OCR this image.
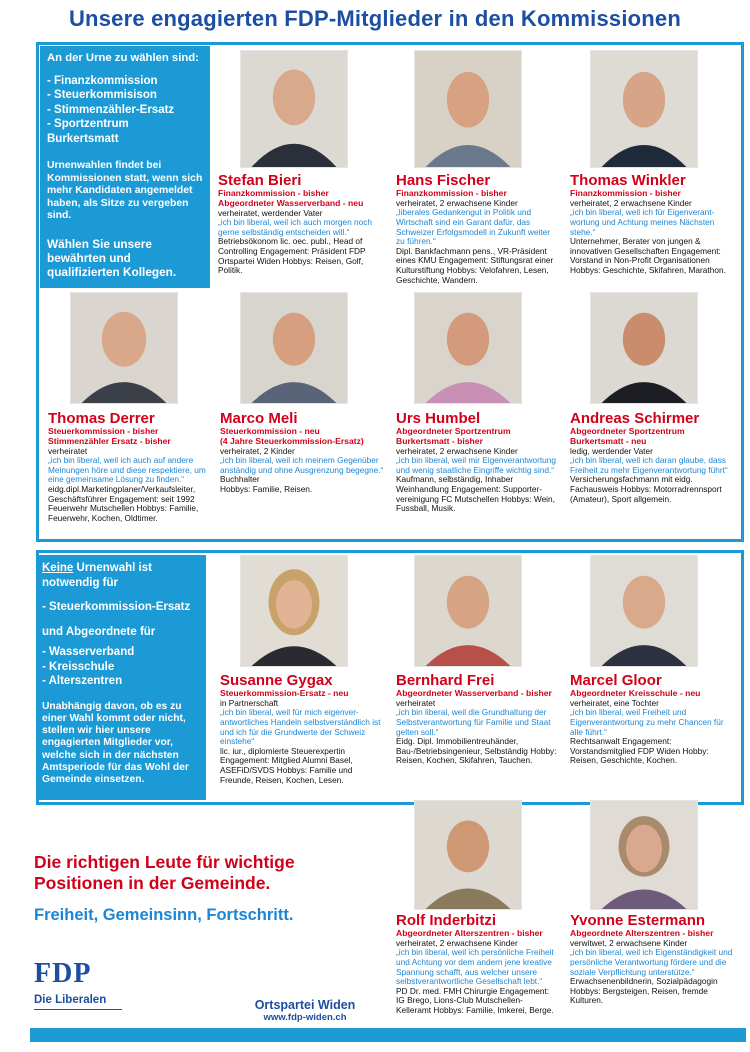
Unsere engagierten FDP-Mitglieder in den Kommissionen

An der Urne zu wählen sind:

- Finanzkommission

- Steuerkommisison

- Stimmenzähler-Ersatz

- Sportzentrum Burkertsmatt

Urnenwahlen findet bei Kommissionen statt, wenn sich mehr Kandidaten angemeldet haben, als Sitze zu vergeben sind.

Wählen Sie unsere bewährten und qualifizierten Kollegen.

Keine Urnenwahl ist notwendig für

- Steuerkommission-Ersatz

und Abgeordnete für

- Wasserverband

- Kreisschule

- Alterszentren

Unabhängig davon, ob es zu einer Wahl kommt oder nicht, stellen wir hier unsere engagierten Mitglieder vor, welche sich in der nächsten Amtsperiode für das Wohl der Gemeinde einsetzen.

Stefan Bieri
Finanzkommission - bisher
Abgeordneter Wasserverband - neu
verheiratet, werdender Vater
„ich bin liberal, weil ich auch morgen noch gerne selbständig entscheiden will.“
Betriebsökonom lic. oec. publ., Head of Controlling Engagement: Präsident FDP Ortspartei Widen Hobbys: Reisen, Golf, Politik.
Hans Fischer
Finanzkommission - bisher
verheiratet, 2 erwachsene Kinder
„liberales Gedankengut in Politik und Wirtschaft sind ein Garant dafür, das Schweizer Erfolgsmodell in Zukunft weiter zu führen.“
Dipl. Bankfachmann pens., VR-Präsident eines KMU Engagement: Stiftungsrat einer Kulturstiftung Hobbys: Velofahren, Lesen, Geschichte, Wandern.
Thomas Winkler
Finanzkommission - bisher
verheiratet, 2 erwachsene Kinder
„ich bin liberal, weil ich für Eigenverant- wortung und Achtung meines Nächsten stehe.“
Unternehmer, Berater von jungen & innovativen Gesellschaften Engagement: Vorstand in Non-Profit Organisationen Hobbys: Geschichte, Skifahren, Marathon.
Thomas Derrer
Steuerkommission - bisher
Stimmenzähler Ersatz - bisher
verheiratet
„ich bin liberal, weil ich auch auf andere Meinungen höre und diese respektiere, um eine gemeinsame Lösung zu finden.“
eidg.dipl.Marketingplaner/Verkaufsleiter, Geschäftsführer Engagement: seit 1992 Feuerwehr Mutschellen Hobbys: Familie, Feuerwehr, Kochen, Oldtimer.
Marco Meli
Steuerkommission - neu
(4 Jahre Steuerkommission-Ersatz)
verheiratet, 2 Kinder
„ich bin liberal, weil ich meinem Gegenüber anständig und ohne Ausgrenzung begegne.“
Buchhalter
Hobbys: Familie, Reisen.
Urs Humbel
Abgeordneter Sportzentrum Burkertsmatt - bisher
verheiratet, 2 erwachsene Kinder
„ich bin liberal, weil mir Eigenverantwortung und wenig staatliche Eingriffe wichtig sind.“
Kaufmann, selbständig, Inhaber Weinhandlung Engagement: Supporter- vereinigung FC Mutschellen Hobbys: Wein, Fussball, Musik.
Andreas Schirmer
Abgeordneter Sportzentrum Burkertsmatt - neu
ledig, werdender Vater
„ich bin liberal, weil ich daran glaube, dass Freiheit zu mehr Eigenverantwortung führt“
Versicherungsfachmann mit eidg. Fachausweis Hobbys: Motorradrennsport (Amateur), Sport allgemein.
Susanne Gygax
Steuerkommission-Ersatz - neu
in Partnerschaft
„ich bin liberal, weil für mich eigenver- antwortliches Handeln selbstverständlich ist und ich für die Grundwerte der Schweiz einstehe“
lic. iur., diplomierte Steuerexpertin Engagement: Mitglied Alumni Basel, ASEFiD/SVDS Hobbys: Familie und Freunde, Reisen, Kochen, Lesen.
Bernhard Frei
Abgeordneter Wasserverband - bisher
verheiratet
„ich bin liberal, weil die Grundhaltung der Selbstverantwortung für Familie und Staat gelten soll.“
Eidg. Dipl. Immobilientreuhänder, Bau-/Betriebsingenieur, Selbständig Hobby: Reisen, Kochen, Skifahren, Tauchen.
Marcel Gloor
Abgeordneter Kreisschule - neu
verheiratet, eine Tochter
„ich bin liberal, weil Freiheit und Eigenverantwortung zu mehr Chancen für alle führt.“
Rechtsanwalt Engagement: Vorstandsmitglied FDP Widen Hobby: Reisen, Geschichte, Kochen.
Rolf Inderbitzi
Abgeordneter Alterszentren - bisher
verheiratet, 2 erwachsene Kinder
„ich bin liberal, weil ich persönliche Freiheit und Achtung vor dem andern jene kreative Spannung schafft, aus welcher unsere selbstverantwortliche Gesellschaft lebt.“
PD Dr. med. FMH Chirurgie Engagement: IG Brego, Lions-Club Mutschellen- Kelleramt Hobbys: Familie, Imkerei, Berge.
Yvonne Estermann
Abgeordnete Alterszentren - bisher
verwitwet, 2 erwachsene Kinder
„ich bin liberal, weil ich Eigenständigkeit und persönliche Verantwortung fördere und die soziale Verpflichtung unterstütze.“
Erwachsenenbildnerin, Sozialpädagogin Hobbys: Bergsteigen, Reisen, fremde Kulturen.
Die richtigen Leute für wichtige
Positionen in der Gemeinde.
Freiheit, Gemeinsinn, Fortschritt.
FDP
Die Liberalen	Ortspartei Widen
www.fdp-widen.ch
